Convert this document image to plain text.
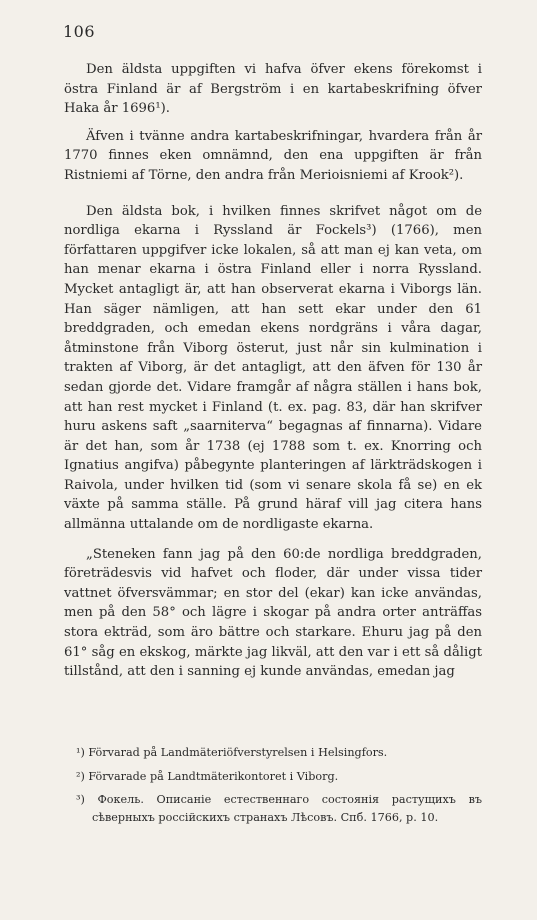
106

Den äldsta uppgiften vi hafva öfver ekens förekomst i östra Finland är af Bergström i en kartabeskrifning öfver Haka år 1696¹).

Äfven i tvänne andra kartabeskrifningar, hvardera från år 1770 finnes eken omnämnd, den ena uppgiften är från Ristniemi af Törne, den andra från Merioisniemi af Krook²).

Den äldsta bok, i hvilken finnes skrifvet något om de nordliga ekarna i Ryssland är Fockels³) (1766), men författaren uppgifver icke lokalen, så att man ej kan veta, om han menar ekarna i östra Finland eller i norra Ryssland. Mycket antagligt är, att han observerat ekarna i Viborgs län. Han säger nämligen, att han sett ekar under den 61 breddgraden, och emedan ekens nordgräns i våra dagar, åtminstone från Viborg österut, just når sin kulmination i trakten af Viborg, är det antagligt, att den äfven för 130 år sedan gjorde det. Vidare framgår af några ställen i hans bok, att han rest mycket i Finland (t. ex. pag. 83, där han skrifver huru askens saft „saarniterva“ begagnas af finnarna). Vidare är det han, som år 1738 (ej 1788 som t. ex. Knorring och Ignatius angifva) påbegynte planteringen af lärkträdskogen i Raivola, under hvilken tid (som vi senare skola få se) en ek växte på samma ställe. På grund häraf vill jag citera hans allmänna uttalande om de nordligaste ekarna.

„Steneken fann jag på den 60:de nordliga breddgraden, företrädesvis vid hafvet och floder, där under vissa tider vattnet öfversvämmar; en stor del (ekar) kan icke användas, men på den 58° och lägre i skogar på andra orter anträffas stora ekträd, som äro bättre och starkare. Ehuru jag på den 61° såg en ekskog, märkte jag likväl, att den var i ett så dåligt tillstånd, att den i sanning ej kunde användas, emedan jag

¹) Förvarad på Landmäteriöfverstyrelsen i Helsingfors.

²) Förvarade på Landtmäterikontoret i Viborg.

³) Фокель. Описаніе естественнаго состоянія растущихъ въ сѣверныхъ россійскихъ странахъ Лѣсовъ. Спб. 1766, p. 10.
